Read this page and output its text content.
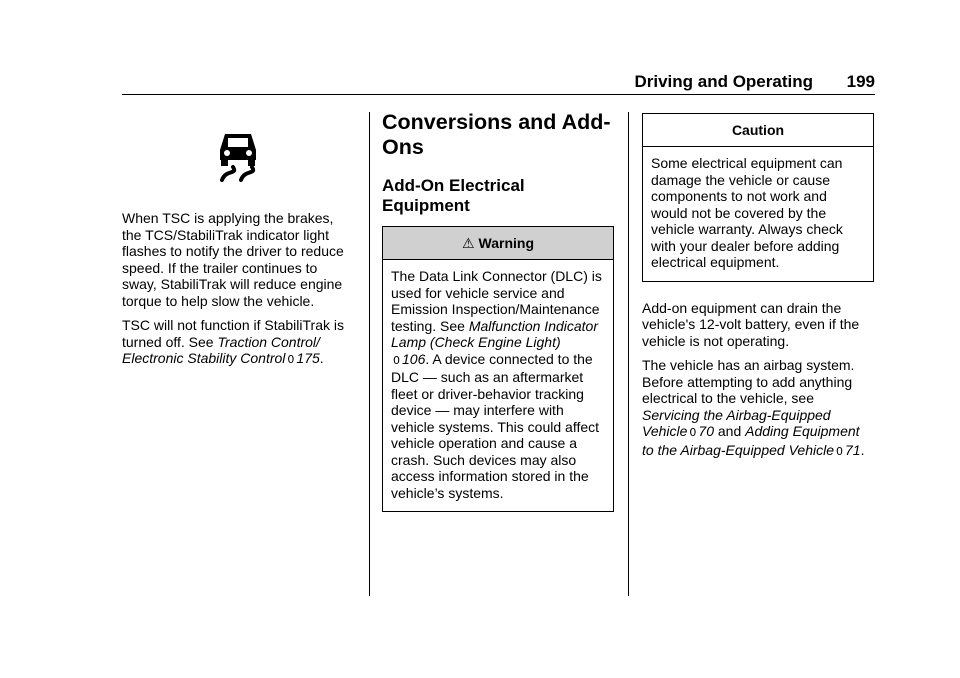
Driving and Operating 199

When TSC is applying the brakes, the TCS/StabiliTrak indicator light flashes to notify the driver to reduce speed. If the trailer continues to sway, StabiliTrak will reduce engine torque to help slow the vehicle.

TSC will not function if StabiliTrak is turned off. See Traction Control/ Electronic Stability Control 0 175.

Conversions and Add-Ons
Add-On Electrical Equipment
⚠ Warning
The Data Link Connector (DLC) is used for vehicle service and Emission Inspection/Maintenance testing. See Malfunction Indicator Lamp (Check Engine Light)
0 106. A device connected to the DLC — such as an aftermarket fleet or driver-behavior tracking device — may interfere with vehicle systems. This could affect vehicle operation and cause a crash. Such devices may also access information stored in the vehicle’s systems.
Caution
Some electrical equipment can damage the vehicle or cause components to not work and would not be covered by the vehicle warranty. Always check with your dealer before adding electrical equipment.

Add-on equipment can drain the vehicle's 12-volt battery, even if the vehicle is not operating.

The vehicle has an airbag system. Before attempting to add anything electrical to the vehicle, see Servicing the Airbag-Equipped Vehicle 0 70 and Adding Equipment to the Airbag-Equipped Vehicle 0 71.
